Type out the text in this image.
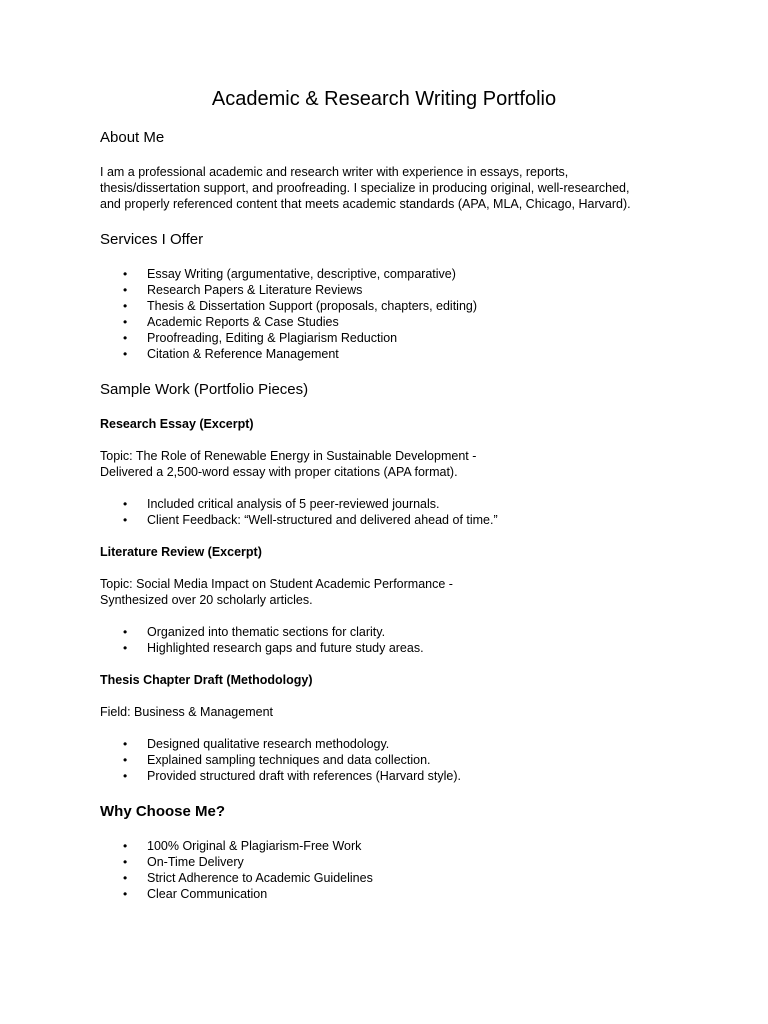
Academic & Research Writing Portfolio
About Me

I am a professional academic and research writer with experience in essays, reports,
thesis/dissertation support, and proofreading. I specialize in producing original, well-researched,
and properly referenced content that meets academic standards (APA, MLA, Chicago, Harvard).

Services I Offer
• Essay Writing (argumentative, descriptive, comparative)
• Research Papers & Literature Reviews
• Thesis & Dissertation Support (proposals, chapters, editing)
• Academic Reports & Case Studies
• Proofreading, Editing & Plagiarism Reduction
• Citation & Reference Management
Sample Work (Portfolio Pieces)
Research Essay (Excerpt)

Topic: The Role of Renewable Energy in Sustainable Development -
Delivered a 2,500-word essay with proper citations (APA format).

• Included critical analysis of 5 peer-reviewed journals.
• Client Feedback: “Well-structured and delivered ahead of time.”
Literature Review (Excerpt)

Topic: Social Media Impact on Student Academic Performance -
Synthesized over 20 scholarly articles.

• Organized into thematic sections for clarity.
• Highlighted research gaps and future study areas.
Thesis Chapter Draft (Methodology)

Field: Business & Management

• Designed qualitative research methodology.
• Explained sampling techniques and data collection.
• Provided structured draft with references (Harvard style).
Why Choose Me?
• 100% Original & Plagiarism-Free Work
• On-Time Delivery
• Strict Adherence to Academic Guidelines
• Clear Communication
